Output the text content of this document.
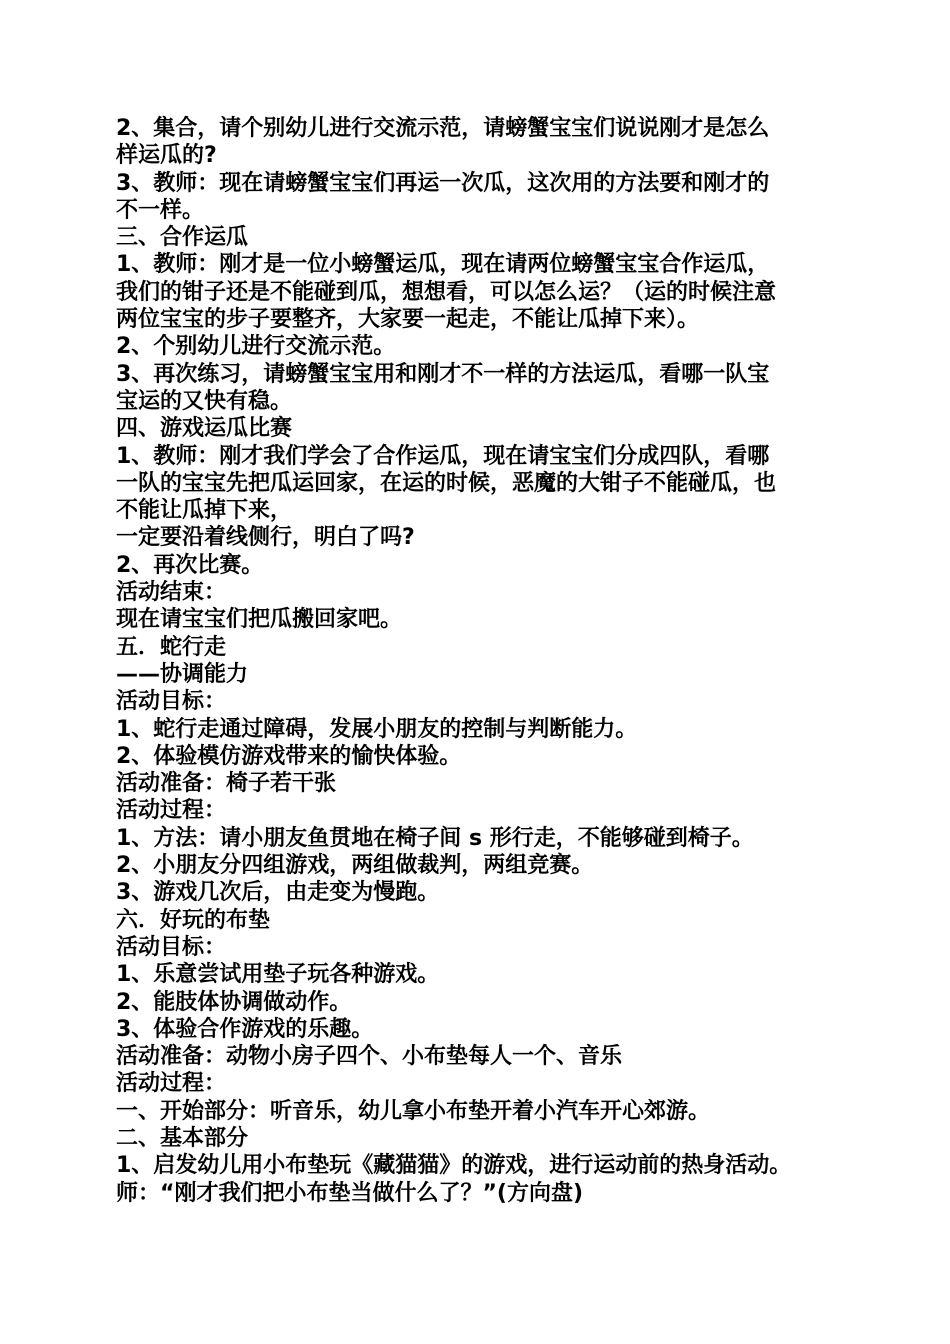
2、集合，请个别幼儿进行交流示范，请螃蟹宝宝们说说刚才是怎么
样运瓜的?
3、教师：现在请螃蟹宝宝们再运一次瓜，这次用的方法要和刚才的
不一样。
三、合作运瓜
1、教师：刚才是一位小螃蟹运瓜，现在请两位螃蟹宝宝合作运瓜，
我们的钳子还是不能碰到瓜，想想看，可以怎么运？（运的时候注意
两位宝宝的步子要整齐，大家要一起走，不能让瓜掉下来）。
2、个别幼儿进行交流示范。
3、再次练习，请螃蟹宝宝用和刚才不一样的方法运瓜，看哪一队宝
宝运的又快有稳。
四、游戏运瓜比赛
1、教师：刚才我们学会了合作运瓜，现在请宝宝们分成四队，看哪
一队的宝宝先把瓜运回家，在运的时候，恶魔的大钳子不能碰瓜，也
不能让瓜掉下来，
一定要沿着线侧行，明白了吗?
2、再次比赛。
活动结束：
现在请宝宝们把瓜搬回家吧。
五．蛇行走
——协调能力
活动目标：
1、蛇行走通过障碍，发展小朋友的控制与判断能力。
2、体验模仿游戏带来的愉快体验。
活动准备：椅子若干张
活动过程：
1、方法：请小朋友鱼贯地在椅子间 s 形行走，不能够碰到椅子。
2、小朋友分四组游戏，两组做裁判，两组竞赛。
3、游戏几次后，由走变为慢跑。
六．好玩的布垫
活动目标：
1、乐意尝试用垫子玩各种游戏。
2、能肢体协调做动作。
3、体验合作游戏的乐趣。
活动准备：动物小房子四个、小布垫每人一个、音乐
活动过程：
一、开始部分：听音乐，幼儿拿小布垫开着小汽车开心郊游。
二、基本部分
1、启发幼儿用小布垫玩《藏猫猫》的游戏，进行运动前的热身活动。
师：“刚才我们把小布垫当做什么了？”(方向盘)
